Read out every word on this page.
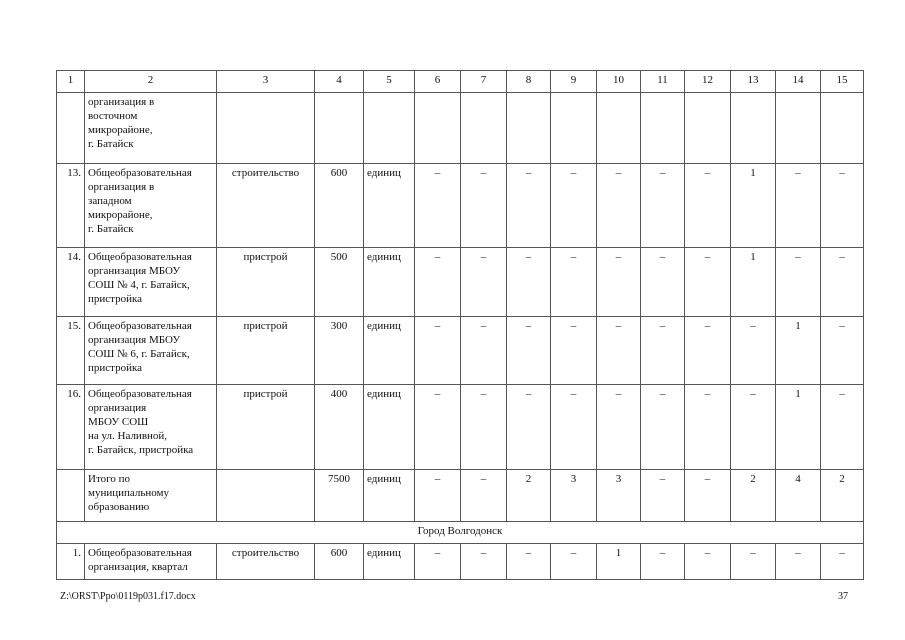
1	2	3	4	5	6	7	8	9	10	11	12	13	14	15
	организация в
восточном
микрорайоне,
г. Батайск													
13.	Общеобразовательная
организация в
западном
микрорайоне,
г. Батайск	строительство	600	единиц	–	–	–	–	–	–	–	1	–	–
14.	Общеобразовательная
организация МБОУ
СОШ № 4, г. Батайск,
пристройка	пристрой	500	единиц	–	–	–	–	–	–	–	1	–	–
15.	Общеобразовательная
организация МБОУ
СОШ № 6, г. Батайск,
пристройка	пристрой	300	единиц	–	–	–	–	–	–	–	–	1	–
16.	Общеобразовательная
организация
МБОУ СОШ
на ул. Наливной,
г. Батайск, пристройка	пристрой	400	единиц	–	–	–	–	–	–	–	–	1	–
	Итого по
муниципальному
образованию		7500	единиц	–	–	2	3	3	–	–	2	4	2
Город Волгодонск														
1.	Общеобразовательная
организация, квартал	строительство	600	единиц	–	–	–	–	1	–	–	–	–	–
Z:\ORST\Ppo\0119p031.f17.docx	37
